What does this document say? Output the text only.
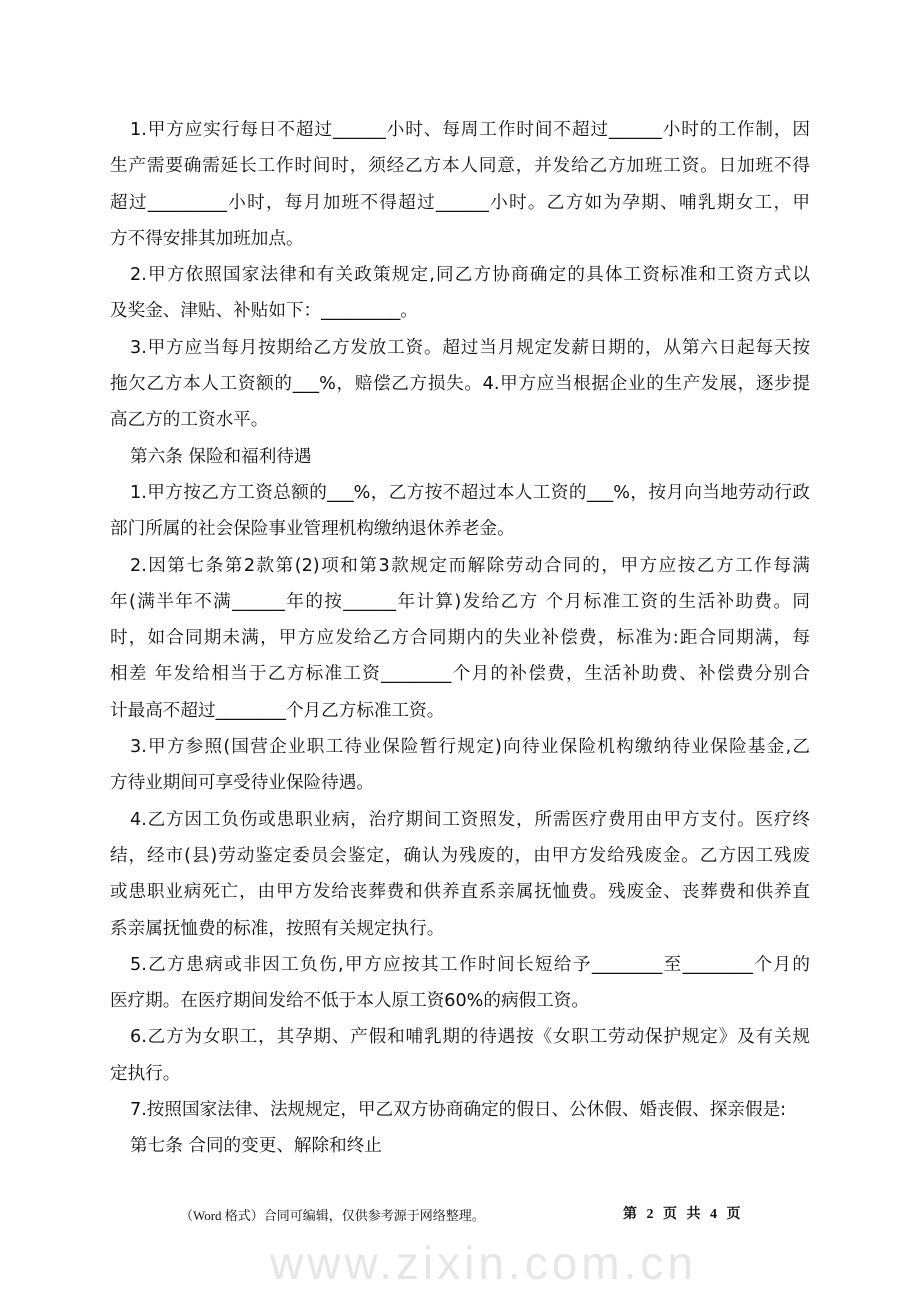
www.zixin.com.cn
1.甲方应实行每日不超过______小时、每周工作时间不超过______小时的工作制，因
生产需要确需延长工作时间时，须经乙方本人同意，并发给乙方加班工资。日加班不得
超过_________小时，每月加班不得超过______小时。乙方如为孕期、哺乳期女工，甲
方不得安排其加班加点。
2.甲方依照国家法律和有关政策规定,同乙方协商确定的具体工资标准和工资方式以
及奖金、津贴、补贴如下：_________。
3.甲方应当每月按期给乙方发放工资。超过当月规定发薪日期的，从第六日起每天按
拖欠乙方本人工资额的___%，赔偿乙方损失。4.甲方应当根据企业的生产发展，逐步提
高乙方的工资水平。
第六条 保险和福利待遇
1.甲方按乙方工资总额的___%，乙方按不超过本人工资的___%，按月向当地劳动行政
部门所属的社会保险事业管理机构缴纳退休养老金。
2.因第七条第2款第(2)项和第3款规定而解除劳动合同的，甲方应按乙方工作每满
年(满半年不满______年的按______年计算)发给乙方 个月标准工资的生活补助费。同
时，如合同期未满，甲方应发给乙方合同期内的失业补偿费，标准为:距合同期满，每
相差 年发给相当于乙方标准工资________个月的补偿费，生活补助费、补偿费分别合
计最高不超过________个月乙方标准工资。
3.甲方参照(国营企业职工待业保险暂行规定)向待业保险机构缴纳待业保险基金,乙
方待业期间可享受待业保险待遇。
4.乙方因工负伤或患职业病，治疗期间工资照发，所需医疗费用由甲方支付。医疗终
结，经市(县)劳动鉴定委员会鉴定，确认为残废的，由甲方发给残废金。乙方因工残废
或患职业病死亡，由甲方发给丧葬费和供养直系亲属抚恤费。残废金、丧葬费和供养直
系亲属抚恤费的标准，按照有关规定执行。
5.乙方患病或非因工负伤,甲方应按其工作时间长短给予________至________个月的
医疗期。在医疗期间发给不低于本人原工资60%的病假工资。
6.乙方为女职工，其孕期、产假和哺乳期的待遇按《女职工劳动保护规定》及有关规
定执行。
7.按照国家法律、法规规定，甲乙双方协商确定的假日、公休假、婚丧假、探亲假是:
第七条 合同的变更、解除和终止
（Word 格式）合同可编辑，仅供参考源于网络整理。	第 2 页 共 4 页
